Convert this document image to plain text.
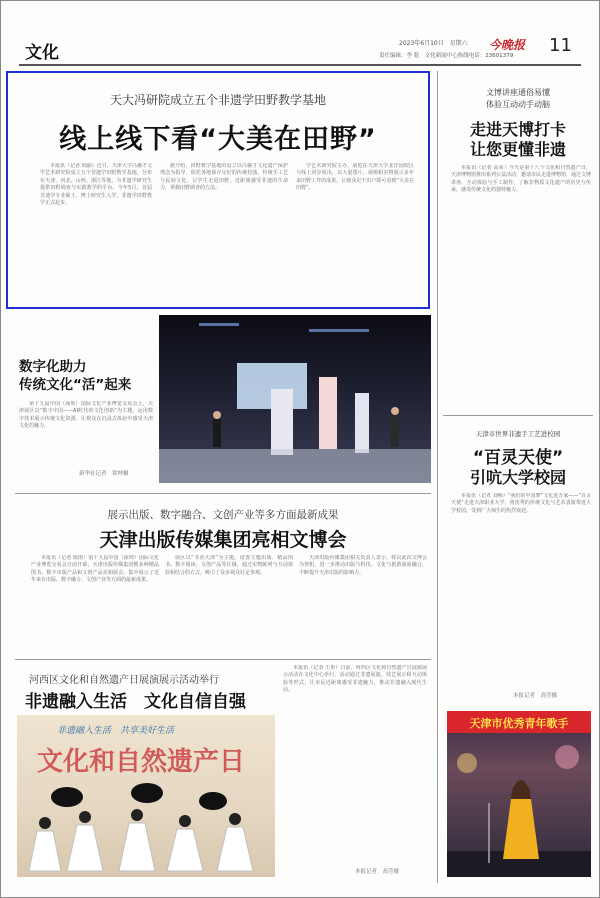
文化	2023年6月10日 星期六 今晚报 11
责任编辑：李 乾　文化新闻中心热线电话：23601379
天大冯研院成立五个非遗学田野教学基地
线上线下看“大美在田野”

本报讯（记者 阎丽）近日，天津大学冯骥才文学艺术研究院成立五个非遗学田野教学基地，分布在天津、河北、山西、浙江等地，为非遗学研究生提供田野调查与实践教学的平台。今年5月，首届非遗学专业硕士、博士研究生入学，非遗学田野教学正式起步。

据介绍，田野教学基地的设立以冯骥才文化遗产保护理念为指导，依托各地保存完好的传统村落、传统手工艺与民间文化，让学生走进田野，近距离感受非遗的生命力，掌握田野调查的方法。

学艺术研究院主办，展览在天津大学北洋园校区与线上同步展出，以大量图片、视频和实物展示多年来田野工作的成果，让观众足不出户即可看到“大美在田野”。

文博讲座通俗易懂
体验互动动手动脑
走进天博打卡
让您更懂非遗

本报讯（记者 高荣）今天是第十八个文化和自然遗产日，天津博物馆推出系列公益活动，邀请市民走进博物馆，通过文博讲座、互动体验与手工制作，了解非物质文化遗产的历史与传承，感受传统文化的独特魅力。

天津市世界非遗手工艺进校园
“百灵天使”
引吭大学校园

本报讯（记者 刘畅）“我们的中国梦”文化进万家——“百灵天使”走进天津职业大学，将优秀的传统文化与艺术表演带进大学校园，受到广大师生的热烈欢迎。

本报记者　高莹摄
天津市优秀青年歌手
数字化助力
传统文化“活”起来

第十九届中国（深圳）国际文化产业博览交易会上，天津展区以“数字中国——AI时代的文化创新”为主题，运用数字技术展示传统文化资源，让观众在沉浸式体验中感受天津文化的魅力。

新华社记者　常坤摄
展示出版、数字融合、文创产业等多方面最新成果
天津出版传媒集团亮相文博会

本报讯（记者 陈雨）第十九届中国（深圳）国际文化产业博览交易会日前开幕，天津出版传媒集团携多种精品图书、数字出版产品和文创产品亮相展会，集中展示了近年来在出版、数字融合、文创产业等方面的最新成果。

展区以“书香天津”为主题，设置主题出版、精品图书、数字阅读、文创产品等区域，通过实物陈列与互动体验相结合的方式，吸引了众多观众驻足参观。

天津出版传媒集团相关负责人表示，将以此次文博会为契机，进一步推动出版与科技、文化与旅游深度融合，不断提升天津出版的影响力。

河西区文化和自然遗产日展演展示活动举行
非遗融入生活　文化自信自强
非遗融入生活　共享美好生活
文化和自然遗产日

本报讯（记者 王彤）日前，河西区文化和自然遗产日展演展示活动在文化中心举行，活动通过非遗展演、技艺展示和互动体验等形式，让市民近距离感受非遗魅力，推动非遗融入现代生活。

本报记者　高莹摄
